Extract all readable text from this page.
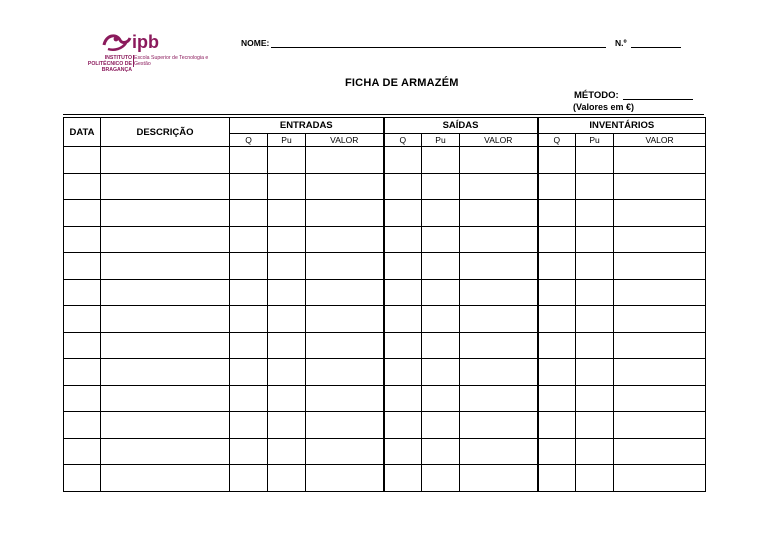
ipb
INSTITUTO POLITÉCNICO DE BRAGANÇA
Escola Superior de Tecnologia e Gestão
NOME:	N.º
FICHA DE ARMAZÉM
MÉTODO:
(Valores em €)
DATA	DESCRIÇÃO	ENTRADAS			SAÍDAS			INVENTÁRIOS		
		Q	Pu	VALOR	Q	Pu	VALOR	Q	Pu	VALOR
